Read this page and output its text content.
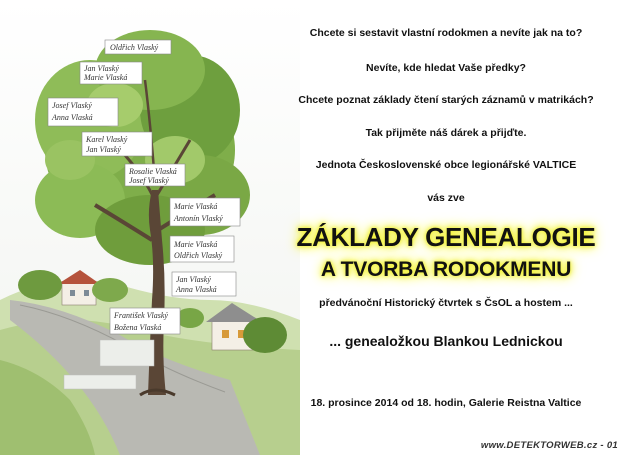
Oldřich Vlaský
Jan Vlaský
Marie Vlaská
Josef Vlaský
Anna Vlaská
Karel Vlaský
Jan Vlaský
Rosalie Vlaská
Josef Vlaský
Marie Vlaská
Antonín Vlaský
Marie Vlaská
Oldřich Vlaský
Jan Vlaský
Anna Vlaská
František Vlaský
Božena Vlaská
Chcete si sestavit vlastní rodokmen a nevíte jak na to?
Nevíte, kde hledat Vaše předky?
Chcete poznat základy čtení starých záznamů v matrikách?
Tak přijměte náš dárek a přijďte.
Jednota Československé obce legionářské VALTICE
vás zve
ZÁKLADY GENEALOGIE
A TVORBA RODOKMENU
předvánoční Historický čtvrtek s ČsOL a hostem ...
... genealožkou Blankou Lednickou
18. prosince 2014 od 18. hodin, Galerie Reistna Valtice
www.DETEKTORWEB.cz - 01
